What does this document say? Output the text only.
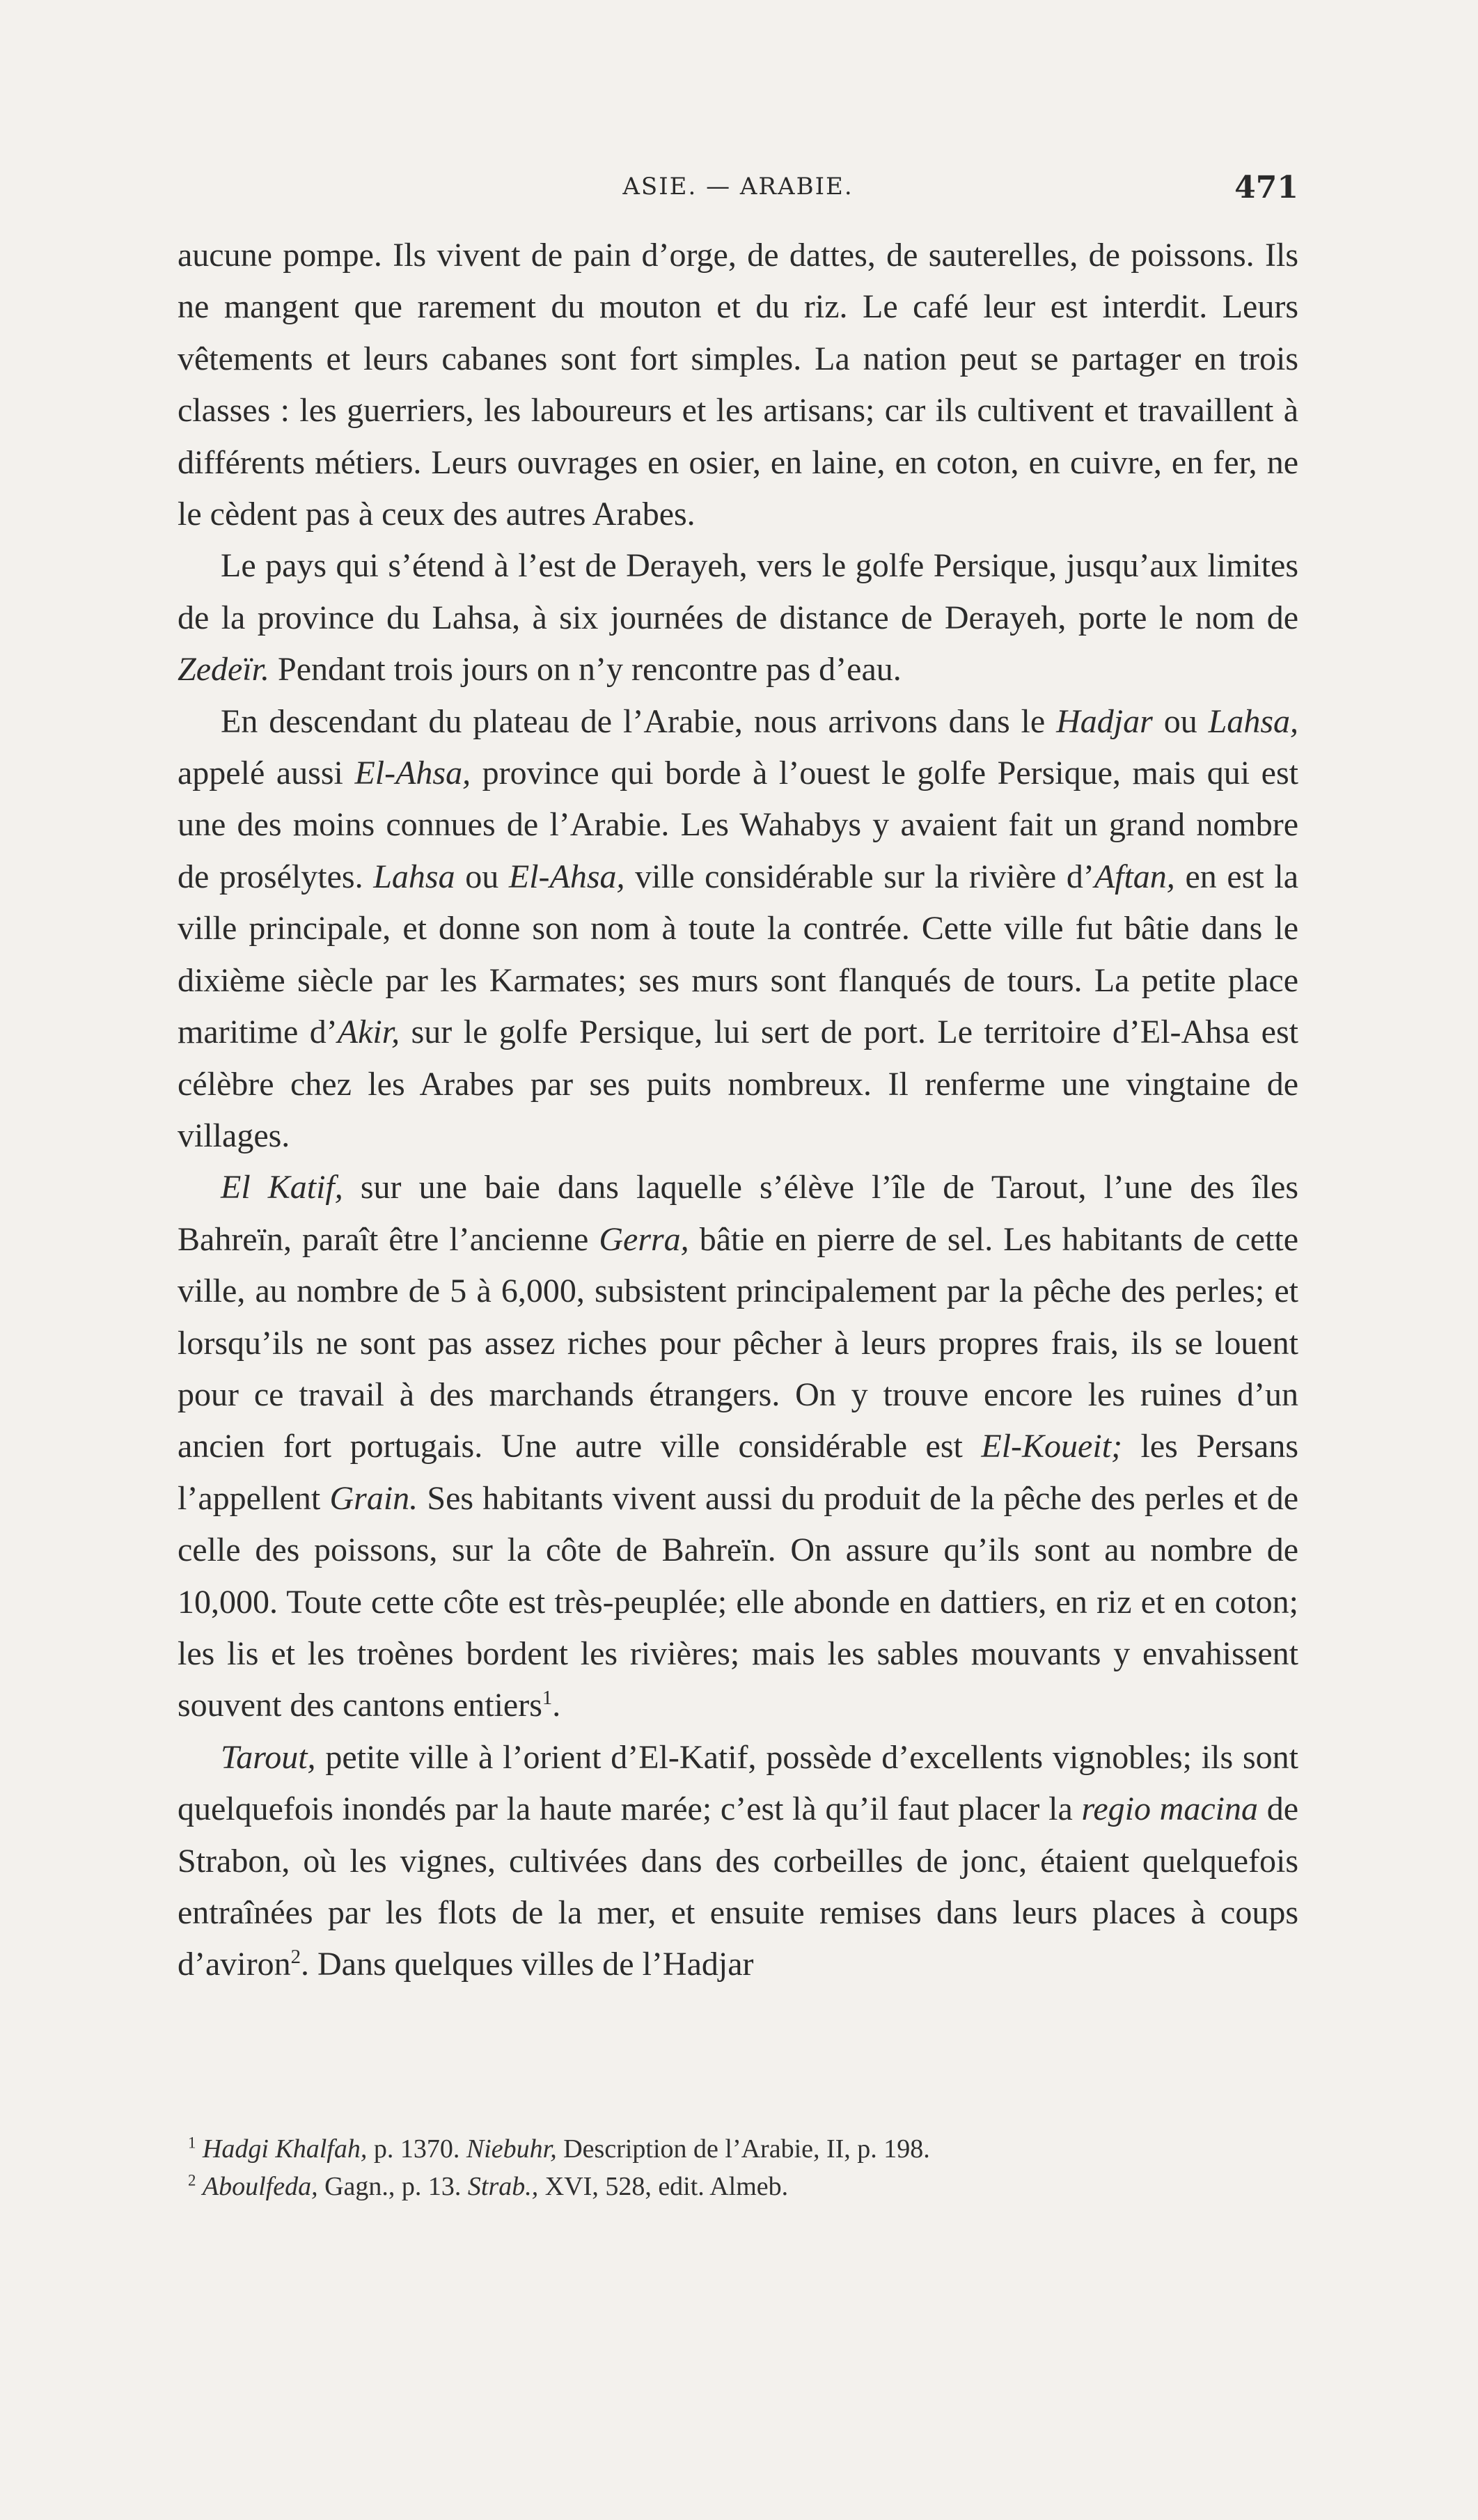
ASIE. — ARABIE.	471

aucune pompe. Ils vivent de pain d’orge, de dattes, de sauterelles, de poissons. Ils ne mangent que rarement du mouton et du riz. Le café leur est interdit. Leurs vêtements et leurs cabanes sont fort simples. La nation peut se partager en trois classes : les guerriers, les laboureurs et les artisans; car ils cultivent et travaillent à différents métiers. Leurs ouvrages en osier, en laine, en coton, en cuivre, en fer, ne le cèdent pas à ceux des autres Arabes.

Le pays qui s’étend à l’est de Derayeh, vers le golfe Persique, jusqu’aux limites de la province du Lahsa, à six journées de distance de Derayeh, porte le nom de Zedeïr. Pendant trois jours on n’y rencontre pas d’eau.

En descendant du plateau de l’Arabie, nous arrivons dans le Hadjar ou Lahsa, appelé aussi El-Ahsa, province qui borde à l’ouest le golfe Persique, mais qui est une des moins connues de l’Arabie. Les Wahabys y avaient fait un grand nombre de prosélytes. Lahsa ou El-Ahsa, ville considérable sur la rivière d’Aftan, en est la ville principale, et donne son nom à toute la contrée. Cette ville fut bâtie dans le dixième siècle par les Karmates; ses murs sont flanqués de tours. La petite place maritime d’Akir, sur le golfe Persique, lui sert de port. Le territoire d’El-Ahsa est célèbre chez les Arabes par ses puits nombreux. Il renferme une vingtaine de villages.

El Katif, sur une baie dans laquelle s’élève l’île de Tarout, l’une des îles Bahreïn, paraît être l’ancienne Gerra, bâtie en pierre de sel. Les habitants de cette ville, au nombre de 5 à 6,000, subsistent principalement par la pêche des perles; et lorsqu’ils ne sont pas assez riches pour pêcher à leurs propres frais, ils se louent pour ce travail à des marchands étrangers. On y trouve encore les ruines d’un ancien fort portugais. Une autre ville considérable est El-Koueit; les Persans l’appellent Grain. Ses habitants vivent aussi du produit de la pêche des perles et de celle des poissons, sur la côte de Bahreïn. On assure qu’ils sont au nombre de 10,000. Toute cette côte est très-peuplée; elle abonde en dattiers, en riz et en coton; les lis et les troènes bordent les rivières; mais les sables mouvants y envahissent souvent des cantons entiers$^1$.

Tarout, petite ville à l’orient d’El-Katif, possède d’excellents vignobles; ils sont quelquefois inondés par la haute marée; c’est là qu’il faut placer la regio macina de Strabon, où les vignes, cultivées dans des corbeilles de jonc, étaient quelquefois entraînées par les flots de la mer, et ensuite remises dans leurs places à coups d’aviron$^2$. Dans quelques villes de l’Hadjar

$^1$ Hadgi Khalfah, p. 1370. Niebuhr, Description de l’Arabie, II, p. 198.

$^2$ Aboulfeda, Gagn., p. 13. Strab., XVI, 528, edit. Almeb.
